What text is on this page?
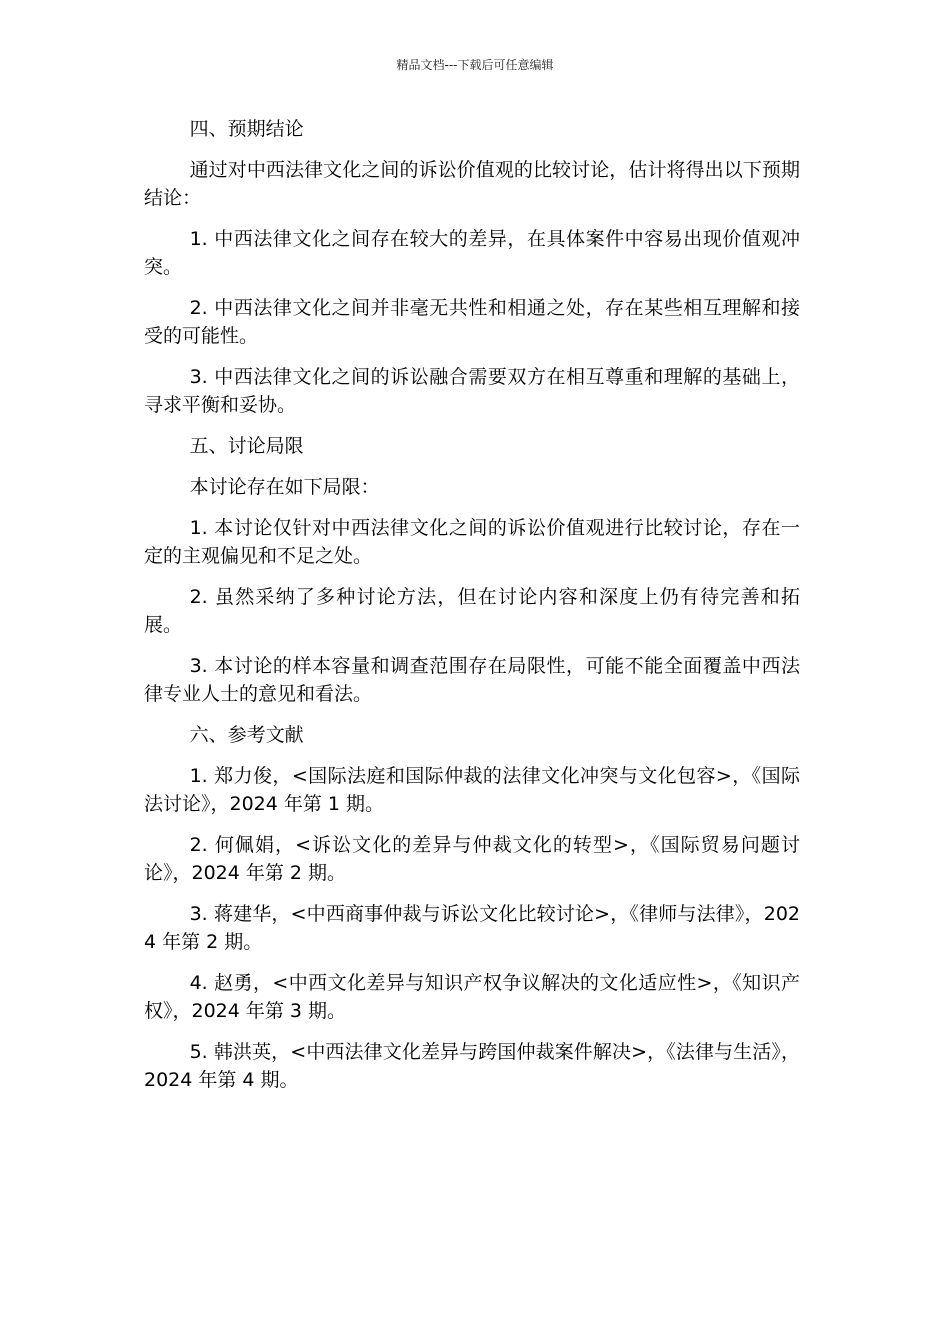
精品文档---下载后可任意编辑

四、预期结论

通过对中西法律文化之间的诉讼价值观的比较讨论，估计将得出以下预期结论：

1. 中西法律文化之间存在较大的差异，在具体案件中容易出现价值观冲突。

2. 中西法律文化之间并非毫无共性和相通之处，存在某些相互理解和接受的可能性。

3. 中西法律文化之间的诉讼融合需要双方在相互尊重和理解的基础上，寻求平衡和妥协。

五、讨论局限

本讨论存在如下局限：

1. 本讨论仅针对中西法律文化之间的诉讼价值观进行比较讨论，存在一定的主观偏见和不足之处。

2. 虽然采纳了多种讨论方法，但在讨论内容和深度上仍有待完善和拓展。

3. 本讨论的样本容量和调查范围存在局限性，可能不能全面覆盖中西法律专业人士的意见和看法。

六、参考文献

1. 郑力俊，<国际法庭和国际仲裁的法律文化冲突与文化包容>，《国际法讨论》，2024 年第 1 期。

2. 何佩娟，<诉讼文化的差异与仲裁文化的转型>，《国际贸易问题讨论》，2024 年第 2 期。

3. 蒋建华，<中西商事仲裁与诉讼文化比较讨论>，《律师与法律》，2024 年第 2 期。

4. 赵勇，<中西文化差异与知识产权争议解决的文化适应性>，《知识产权》，2024 年第 3 期。

5. 韩洪英，<中西法律文化差异与跨国仲裁案件解决>，《法律与生活》，2024 年第 4 期。
